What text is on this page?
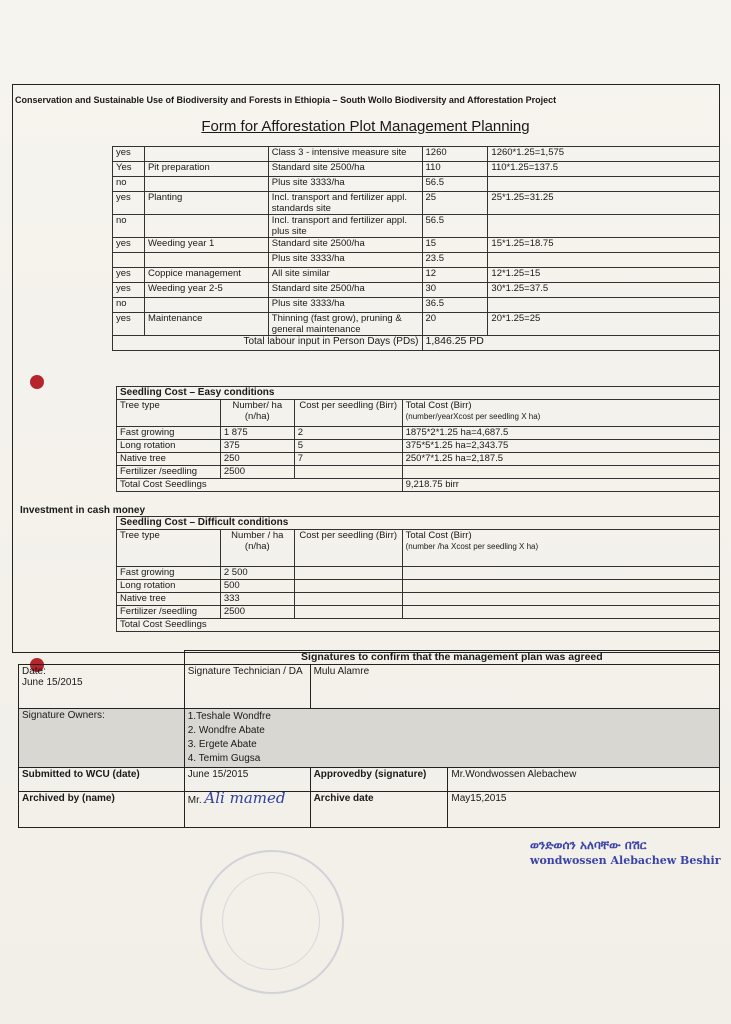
Conservation and Sustainable Use of Biodiversity and Forests in Ethiopia – South Wollo Biodiversity and Afforestation Project
Form for Afforestation Plot Management Planning
yes		Class 3 - intensive measure site	1260	1260*1.25=1,575
Yes	Pit preparation	Standard site 2500/ha	110	110*1.25=137.5
no		Plus site 3333/ha	56.5	
yes	Planting	Incl. transport and fertilizer appl. standards site	25	25*1.25=31.25
no		Incl. transport and fertilizer appl. plus site	56.5	
yes	Weeding year 1	Standard site 2500/ha	15	15*1.25=18.75
		Plus site 3333/ha	23.5	
yes	Coppice management	All site similar	12	12*1.25=15
yes	Weeding year 2-5	Standard site 2500/ha	30	30*1.25=37.5
no		Plus site 3333/ha	36.5	
yes	Maintenance	Thinning (fast grow), pruning & general maintenance	20	20*1.25=25
Total labour input in Person Days (PDs)			1,846.25 PD	
Investment in cash money
Seedling Cost – Easy conditions			
Tree type	Number/ ha (n/ha)	Cost per seedling (Birr)	Total Cost (Birr)
(number/yearXcost per seedling X ha)

Fast growing	1 875	2	1875*2*1.25 ha=4,687.5
Long rotation	375	5	375*5*1.25 ha=2,343.75
Native tree	250	7	250*7*1.25 ha=2,187.5
Fertilizer /seedling	2500		
Total Cost Seedlings			9,218.75 birr
Seedling Cost – Difficult conditions			
Tree type	Number / ha (n/ha)	Cost per seedling (Birr)	Total Cost (Birr)
(number /ha Xcost per seedling X ha)

Fast growing	2 500		
Long rotation	500		
Native tree	333		
Fertilizer /seedling	2500		
Total Cost Seedlings			
	Signatures to confirm that the management plan was agreed		

Date:
June 15/2015	Signature Technician / DA	Mulu Alamre	
Signature Owners:	1.Teshale Wondfre
2. Wondfre Abate
3. Ergete Abate
4. Temim Gugsa		

Submitted to WCU (date)	June 15/2015	Approvedby (signature)	Mr.Wondwossen Alebachew
Archived by (name)	Mr. Ali mamed	Archive date	May15,2015
ወንድወሰን አለባቸው በሽር
wondwossen Alebachew Beshir
